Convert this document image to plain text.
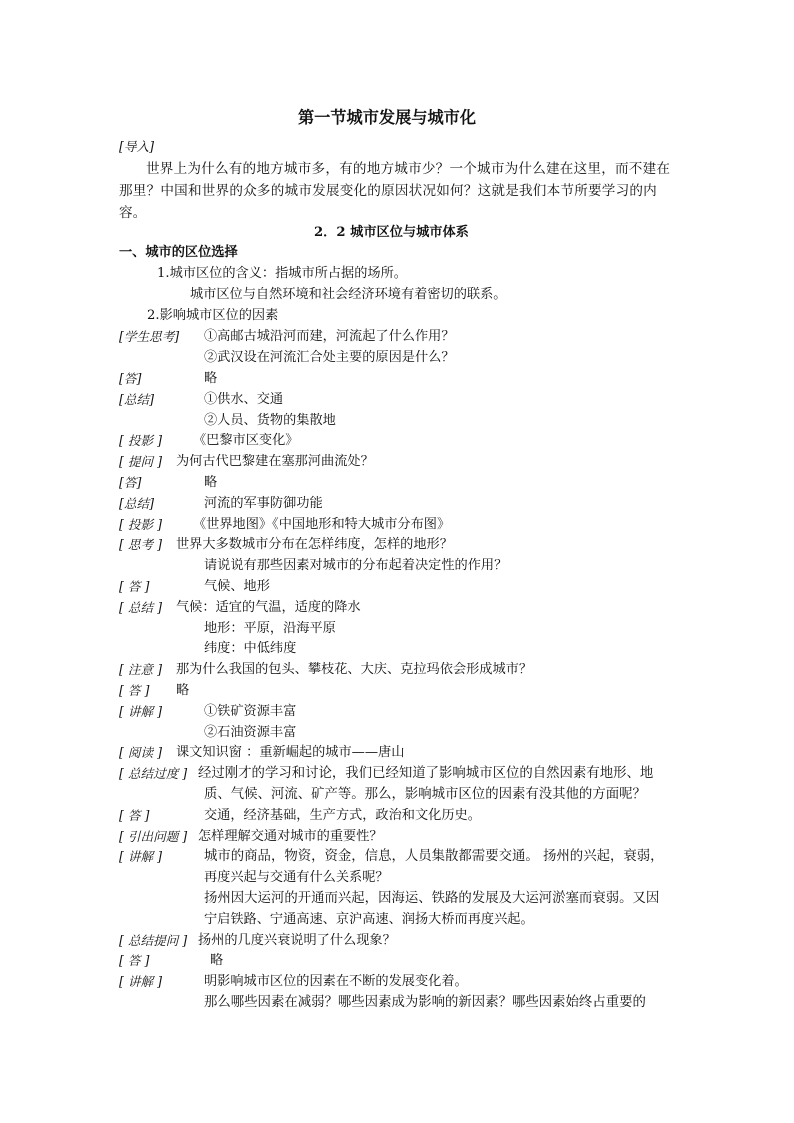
第一节城市发展与城市化
[导入]
世界上为什么有的地方城市多，有的地方城市少？一个城市为什么建在这里，而不建在
那里？中国和世界的众多的城市发展变化的原因状况如何？这就是我们本节所要学习的内
容。
2．2 城市区位与城市体系
一、城市的区位选择
1.城市区位的含义：指城市所占据的场所。
城市区位与自然环境和社会经济环境有着密切的联系。
2.影响城市区位的因素
[学生思考] ①高邮古城沿河而建，河流起了什么作用？
②武汉设在河流汇合处主要的原因是什么？
[答]	略
[总结]	①供水、交通
②人员、货物的集散地
[ 投影 ] 《巴黎市区变化》
[ 提问 ] 为何古代巴黎建在塞那河曲流处？
[答]	略
[总结]	河流的军事防御功能
[ 投影 ] 《世界地图》《中国地形和特大城市分布图》
[ 思考 ] 世界大多数城市分布在怎样纬度，怎样的地形？
请说说有那些因素对城市的分布起着决定性的作用？
[ 答 ]	气候、地形
[ 总结 ] 气候：适宜的气温，适度的降水
地形：平原，沿海平原
纬度：中低纬度
[ 注意 ] 那为什么我国的包头、攀枝花、大庆、克拉玛依会形成城市？
[ 答 ] 略
[ 讲解 ]	①铁矿资源丰富
②石油资源丰富
[ 阅读 ] 课文知识窗 ：重新崛起的城市——唐山
[ 总结过度 ] 经过刚才的学习和讨论，我们已经知道了影响城市区位的自然因素有地形、地
质、气候、河流、矿产等。那么，影响城市区位的因素有没其他的方面呢？
[ 答 ]	交通，经济基础，生产方式，政治和文化历史。
[ 引出问题 ] 怎样理解交通对城市的重要性？
[ 讲解 ]	城市的商品，物资，资金，信息，人员集散都需要交通。 扬州的兴起，衰弱，
再度兴起与交通有什么关系呢？
扬州因大运河的开通而兴起，因海运、铁路的发展及大运河淤塞而衰弱。又因
宁启铁路、宁通高速、京沪高速、润扬大桥而再度兴起。
[ 总结提问 ] 扬州的几度兴衰说明了什么现象？
[ 答 ]	略
[ 讲解 ]	明影响城市区位的因素在不断的发展变化着。
那么哪些因素在减弱？哪些因素成为影响的新因素？哪些因素始终占重要的
